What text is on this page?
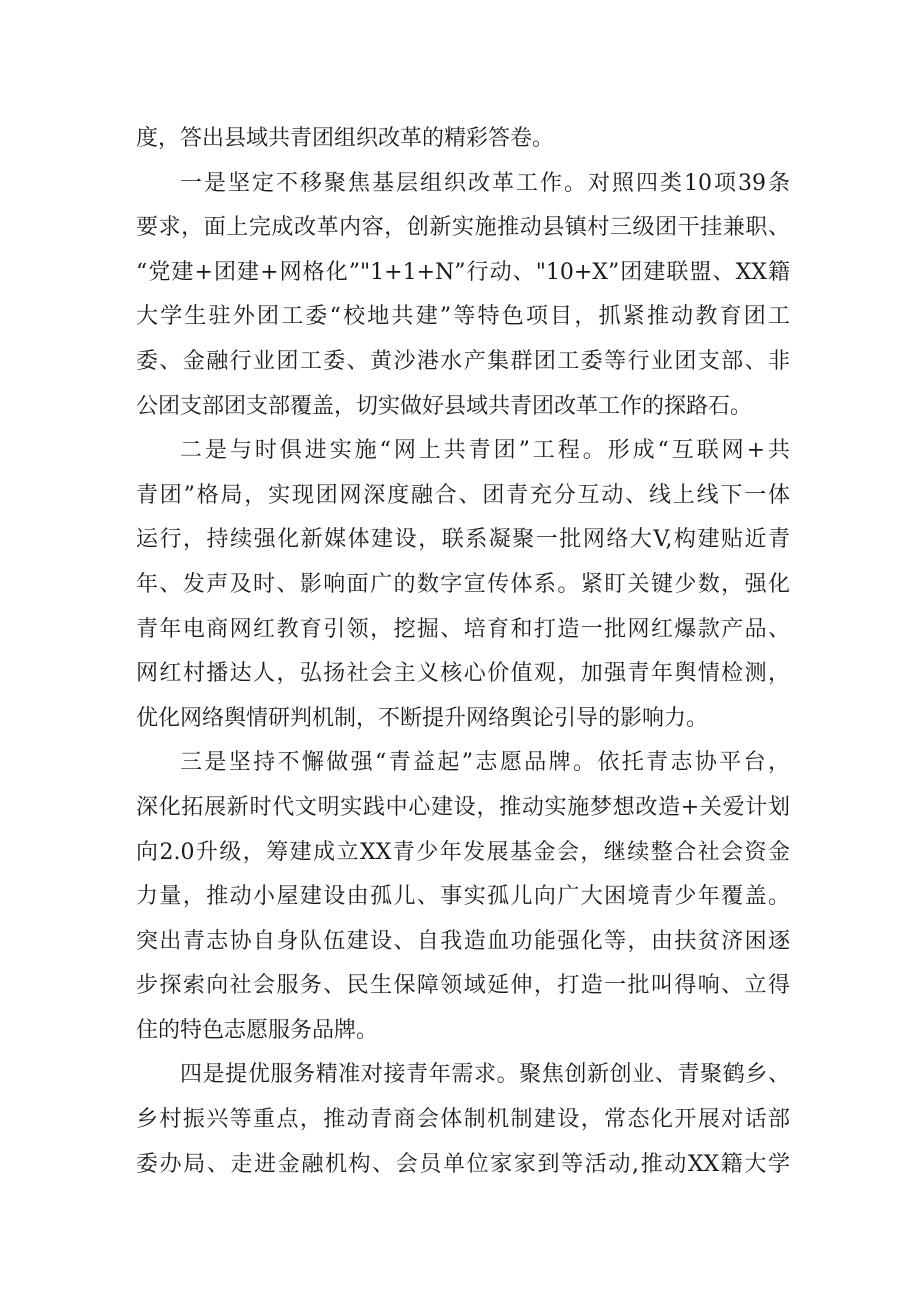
度，答出县域共青团组织改革的精彩答卷。
一是坚定不移聚焦基层组织改革工作。对照四类10项39条
要求，面上完成改革内容，创新实施推动县镇村三级团干挂兼职、
“党建+团建+网格化”"1+1+N”行动、"10+X”团建联盟、XX籍
大学生驻外团工委“校地共建”等特色项目，抓紧推动教育团工
委、金融行业团工委、黄沙港水产集群团工委等行业团支部、非
公团支部团支部覆盖，切实做好县域共青团改革工作的探路石。
二是与时俱进实施“网上共青团”工程。形成“互联网+共
青团”格局，实现团网深度融合、团青充分互动、线上线下一体
运行，持续强化新媒体建设，联系凝聚一批网络大V,构建贴近青
年、发声及时、影响面广的数字宣传体系。紧盯关键少数，强化
青年电商网红教育引领，挖掘、培育和打造一批网红爆款产品、
网红村播达人，弘扬社会主义核心价值观，加强青年舆情检测，
优化网络舆情研判机制，不断提升网络舆论引导的影响力。
三是坚持不懈做强“青益起”志愿品牌。依托青志协平台，
深化拓展新时代文明实践中心建设，推动实施梦想改造+关爱计划
向2.0升级，筹建成立XX青少年发展基金会，继续整合社会资金
力量，推动小屋建设由孤儿、事实孤儿向广大困境青少年覆盖。
突出青志协自身队伍建设、自我造血功能强化等，由扶贫济困逐
步探索向社会服务、民生保障领域延伸，打造一批叫得响、立得
住的特色志愿服务品牌。
四是提优服务精准对接青年需求。聚焦创新创业、青聚鹤乡、
乡村振兴等重点，推动青商会体制机制建设，常态化开展对话部
委办局、走进金融机构、会员单位家家到等活动,推动XX籍大学
